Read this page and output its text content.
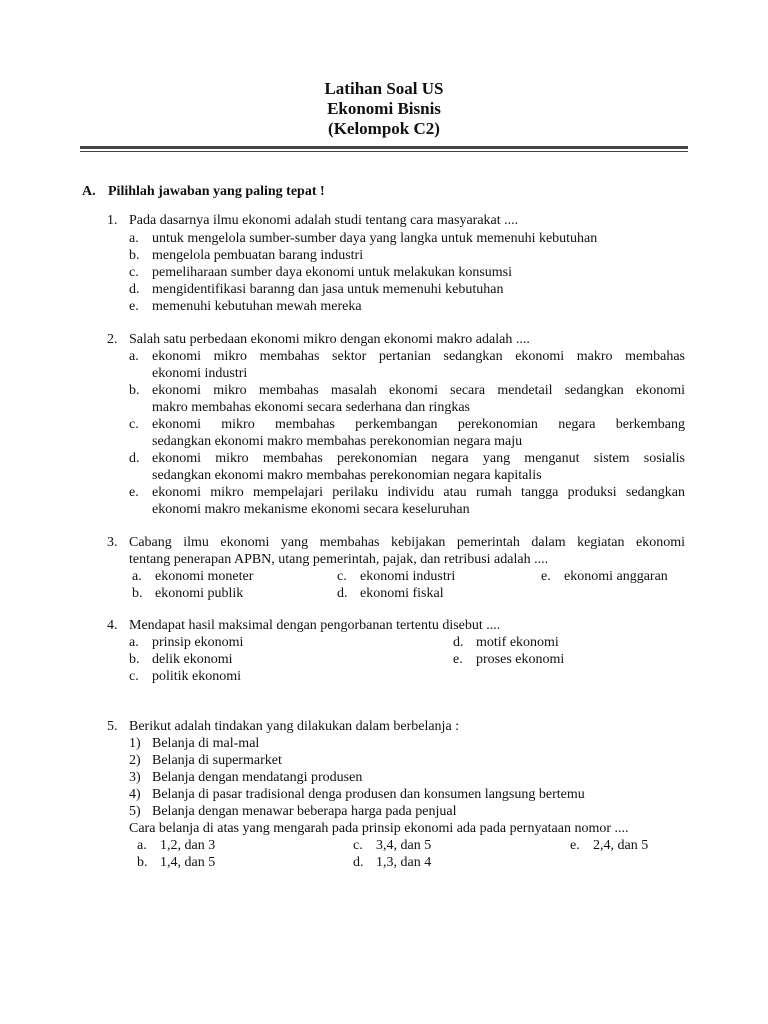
Latihan Soal US
Ekonomi Bisnis
(Kelompok C2)
A. Pilihlah jawaban yang paling tepat !
1. Pada dasarnya ilmu ekonomi adalah studi tentang cara masyarakat ....
a. untuk mengelola sumber-sumber daya yang langka untuk memenuhi kebutuhan
b. mengelola pembuatan barang industri
c. pemeliharaan sumber daya ekonomi untuk melakukan konsumsi
d. mengidentifikasi baranng dan jasa untuk memenuhi kebutuhan
e. memenuhi kebutuhan mewah mereka
2. Salah satu perbedaan ekonomi mikro dengan ekonomi makro adalah ....
a. ekonomi mikro membahas sektor pertanian sedangkan ekonomi makro membahas
ekonomi industri
b. ekonomi mikro membahas masalah ekonomi secara mendetail sedangkan ekonomi
makro membahas ekonomi secara sederhana dan ringkas
c. ekonomi mikro membahas perkembangan perekonomian negara berkembang
sedangkan ekonomi makro membahas perekonomian negara maju
d. ekonomi mikro membahas perekonomian negara yang menganut sistem sosialis
sedangkan ekonomi makro membahas perekonomian negara kapitalis
e. ekonomi mikro mempelajari perilaku individu atau rumah tangga produksi sedangkan
ekonomi makro mekanisme ekonomi secara keseluruhan
3. Cabang ilmu ekonomi yang membahas kebijakan pemerintah dalam kegiatan ekonomi
tentang penerapan APBN, utang pemerintah, pajak, dan retribusi adalah ....
a. ekonomi moneter
b. ekonomi publik
c. ekonomi industri
d. ekonomi fiskal
e. ekonomi anggaran
4. Mendapat hasil maksimal dengan pengorbanan tertentu disebut ....
a. prinsip ekonomi
b. delik ekonomi
c. politik ekonomi
d. motif ekonomi
e. proses ekonomi
5. Berikut adalah tindakan yang dilakukan dalam berbelanja :
1) Belanja di mal-mal
2) Belanja di supermarket
3) Belanja dengan mendatangi produsen
4) Belanja di pasar tradisional denga produsen dan konsumen langsung bertemu
5) Belanja dengan menawar beberapa harga pada penjual
Cara belanja di atas yang mengarah pada prinsip ekonomi ada pada pernyataan nomor ....
a. 1,2, dan 3
b. 1,4, dan 5
c. 3,4, dan 5
d. 1,3, dan 4
e. 2,4, dan 5
